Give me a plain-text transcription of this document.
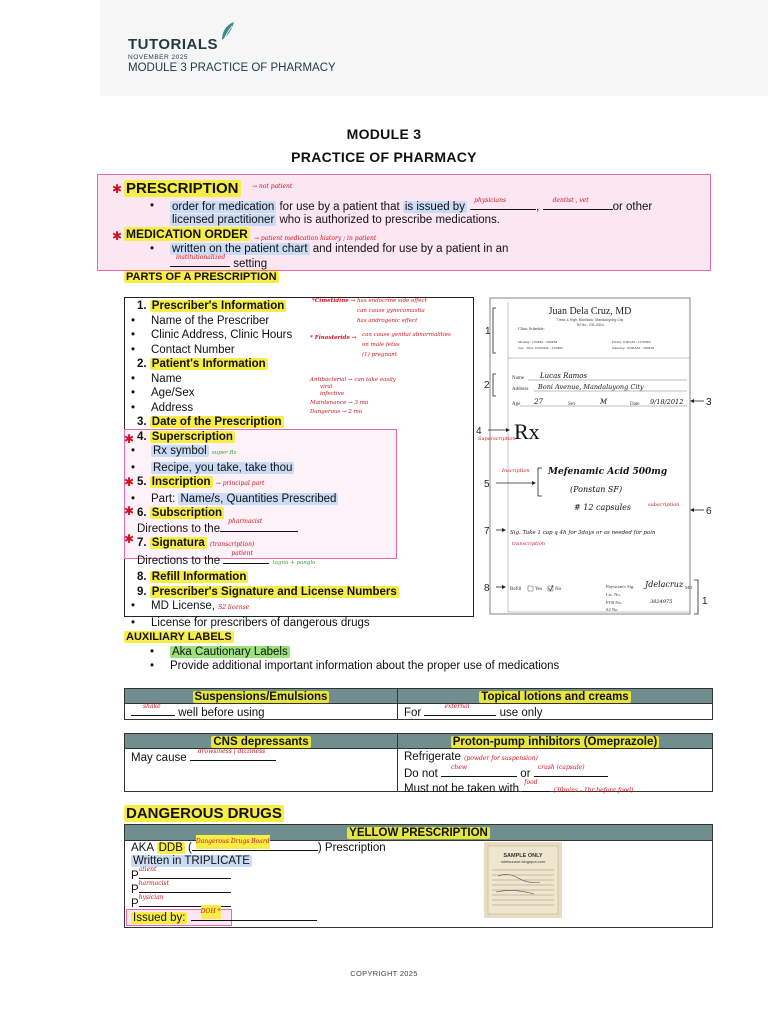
TUTORIALS
NOVEMBER 2025
MODULE 3 PRACTICE OF PHARMACY
MODULE 3
PRACTICE OF PHARMACY
✱ PRESCRIPTION	→ not patient
• order for medication for use by a patient that is issued by
physicians
,
dentist , vet
or other
licensed practitioner who is authorized to prescribe medications.
✱ MEDICATION ORDER	→ patient medication history ; in patient
• written on the patient chart and intended for use by a patient in an
institutionalized
setting
PARTS OF A PRESCRIPTION
1. Prescriber's Information
• Name of the Prescriber
• Clinic Address, Clinic Hours
• Contact Number
2. Patient's Information
• Name
• Age/Sex
• Address
3. Date of the Prescription
4. Superscription
• Rx symbol super Rx
• Recipe, you take, take thou
5. Inscription → principal part
• Part: Name/s, Quantities Prescribed
6. Subscription
Directions to the
pharmacist
7. Signatura (transcription)
Directions to the
patient
tagna + pangla
8. Refill Information
9. Prescriber's Signature and License Numbers
• MD License, S2 license
• License for prescribers of dangerous drugs
✱
✱
✱
✱
*Cimetidine → has endocrine side effect
can cause gynecomastia
has androgenic effect
* Finasteride → can cause genital abnormalities
on male fetus
(1) pregnant
Antibacterial → can take easily
viral
infective
Maintenance → 3 mo
Dangerous → 2 mo
Juan Dela Cruz, MD
Trese & High, Bonifacio, Mandaluyong City
Tel No.: 231-4324
Clinic Schedule:
Monday: 1:00PM - 5:00PM
Tue - Thur: 10:00AM - 3:00PM
Friday: 9:00AM - 12:00NN
Saturday: 10:00AM - 3:00PM
1
Name Lucas Ramos
Address Boni Avenue, Mandaluyong City
Age 27	Sex	M	Date 9/18/2012
2
3
4 Rx
Superscription
Mefenamic Acid 500mg
(Ponstan SF)
# 12 capsules
5
Inscription
6
subscription
7	Sig. Take 1 cap q 4h for 3days or as needed for pain
transcription
8	Refill	Yes	No
Physician's Sig. Jdelacruz MD
Lic. No.
PTR No.
S2 No.
3824975	1
AUXILIARY LABELS
• Aka Cautionary Labels
• Provide additional important information about the proper use of medications
Suspensions/Emulsions	Topical lotions and creams
shake
well before using	For
external
use only
CNS depressants	Proton-pump inhibitors (Omeprazole)
May cause
drowsiness | dizziness	Refrigerate (powder for suspension)
Do not
chew
or
crush (capsule)
Must not be taken with
food
(30mins - 1hr before food)
DANGEROUS DRUGS
YELLOW PRESCRIPTION
AKA DDB (
Dangerous Drugs Board
) Prescription
Written in TRIPLICATE
P
atient
P
harmacist
P
hysician
Issued by:
DOH *
SAMPLE ONLY
rxletsource.blogspot.com
COPYRIGHT 2025
